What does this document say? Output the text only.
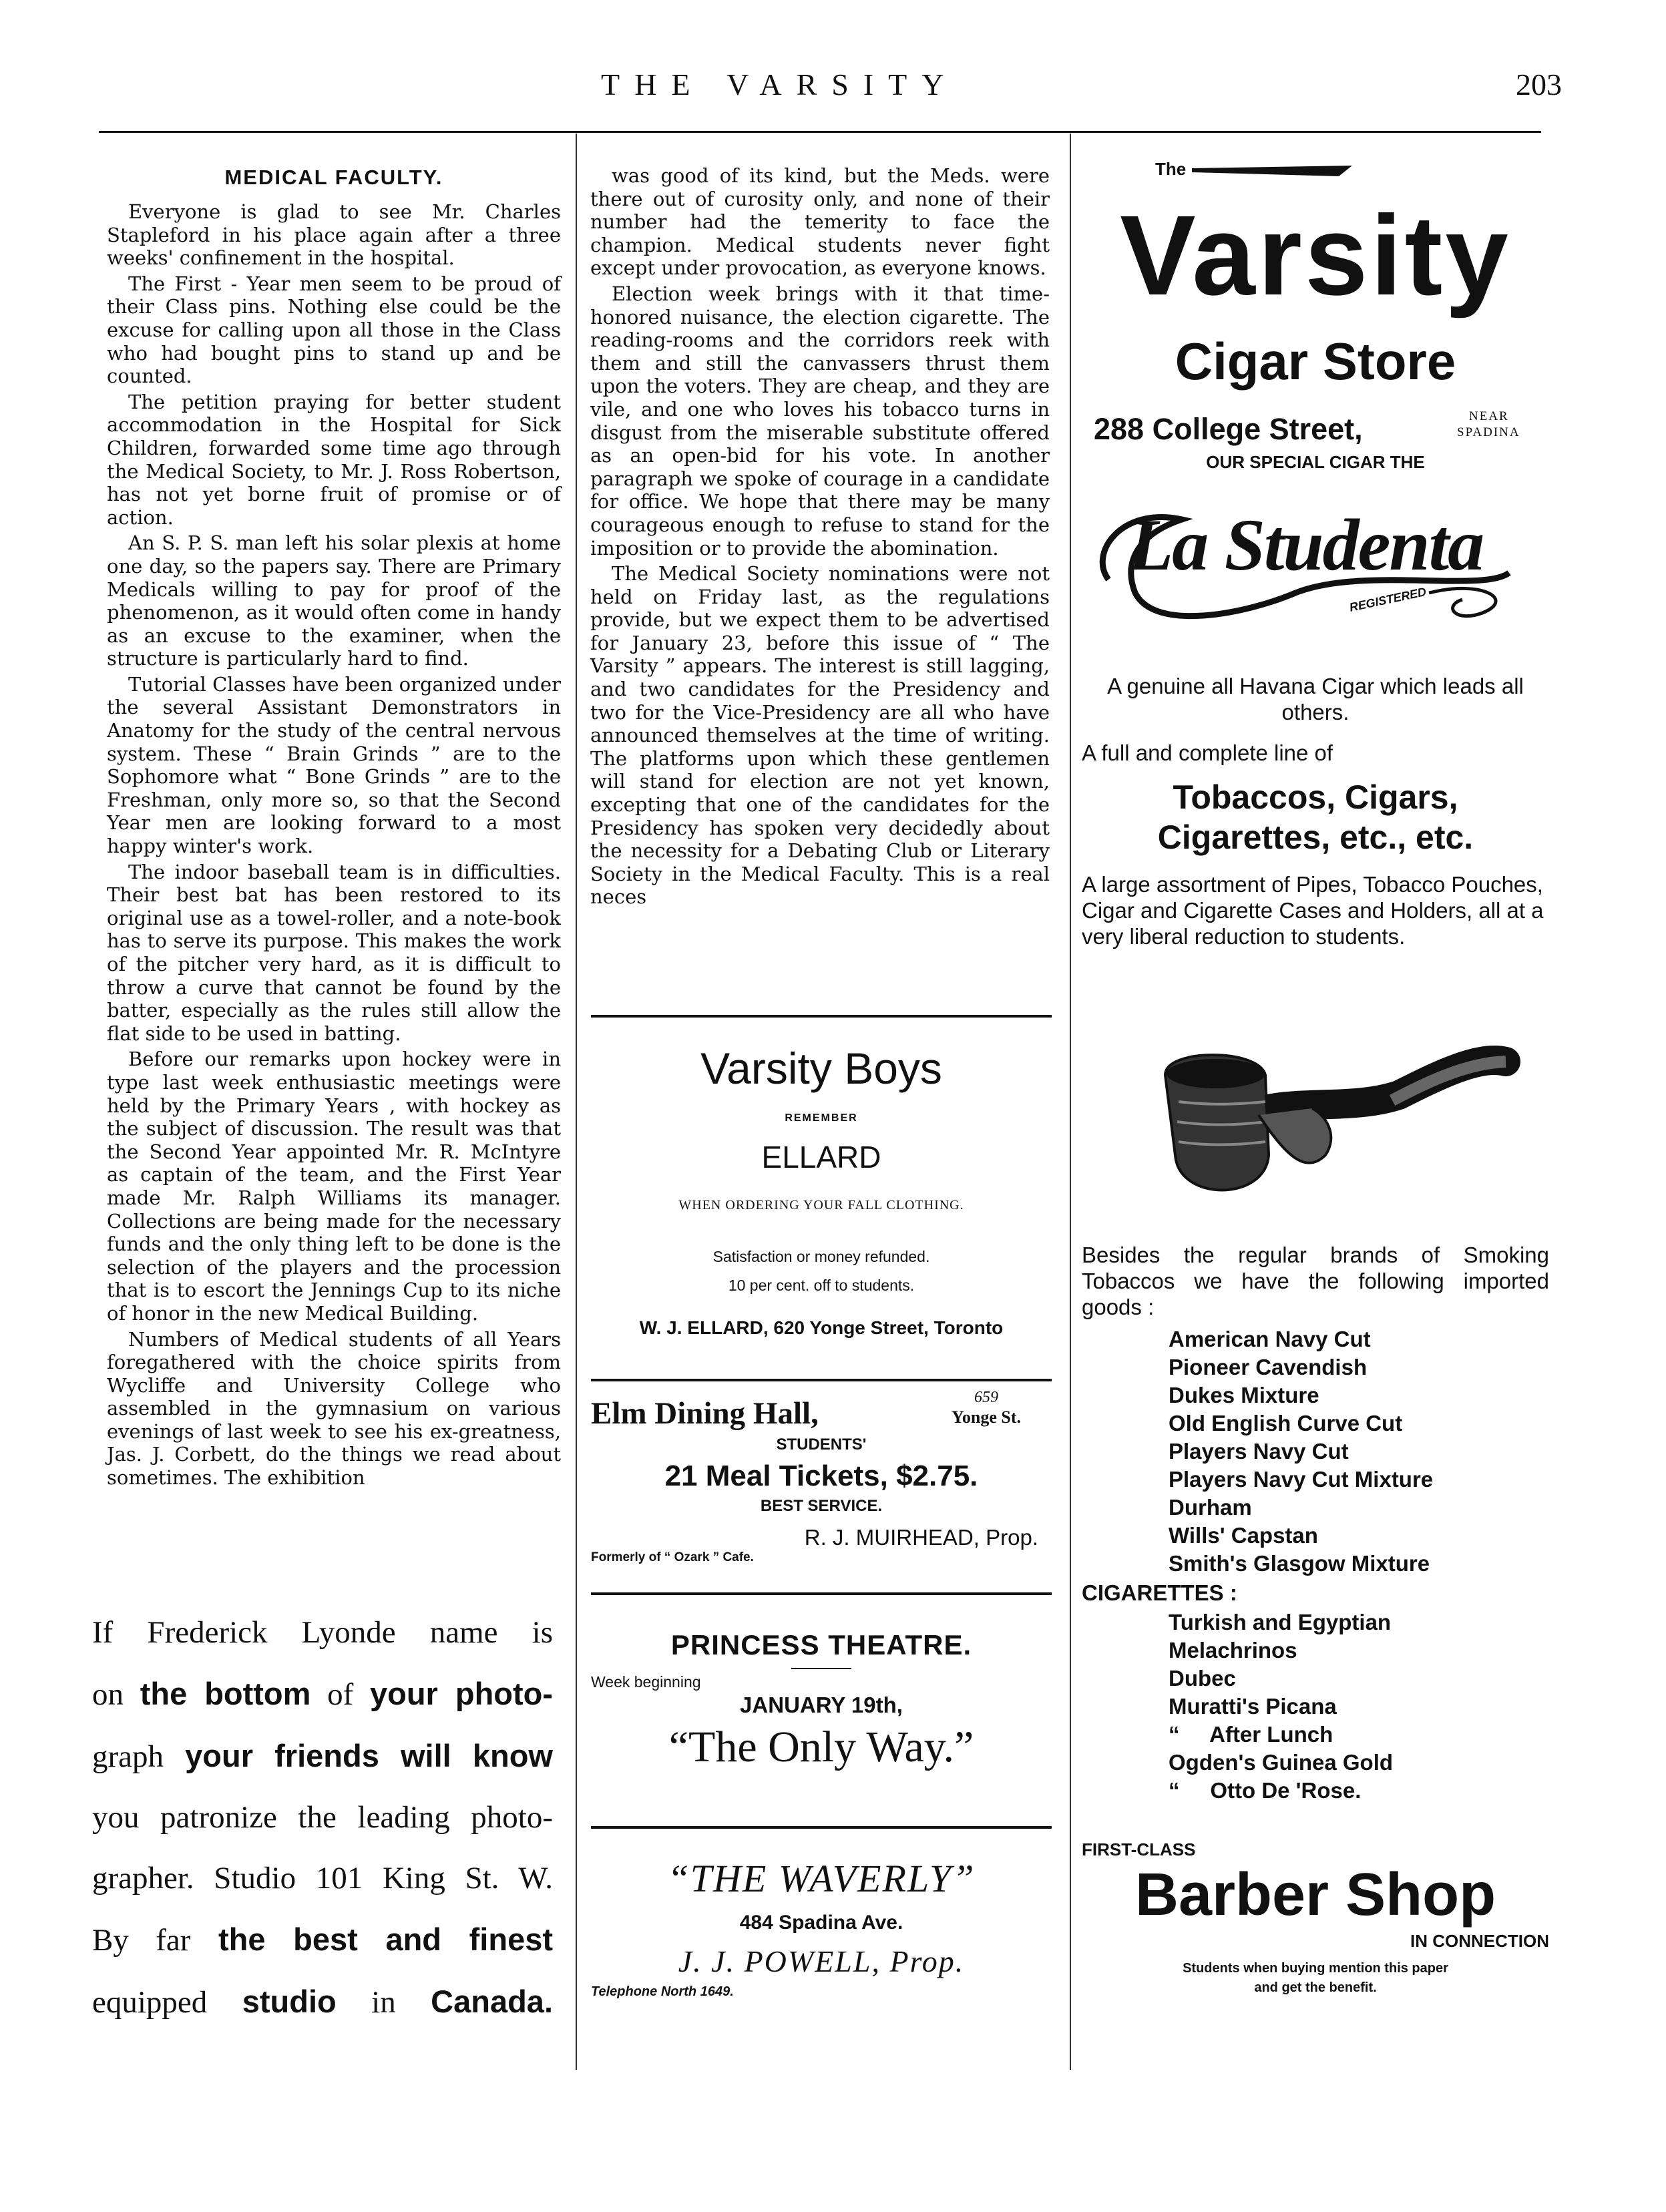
THE VARSITY	203
MEDICAL FACULTY.

Everyone is glad to see Mr. Charles Stapleford in his place again after a three weeks' confinement in the hospital.

The First - Year men seem to be proud of their Class pins. Nothing else could be the excuse for calling upon all those in the Class who had bought pins to stand up and be counted.

The petition praying for better student accommodation in the Hospital for Sick Children, forwarded some time ago through the Medical Society, to Mr. J. Ross Robertson, has not yet borne fruit of promise or of action.

An S. P. S. man left his solar plexis at home one day, so the papers say. There are Primary Medicals willing to pay for proof of the phenomenon, as it would often come in handy as an excuse to the examiner, when the structure is particularly hard to find.

Tutorial Classes have been organized under the several Assistant Demonstrators in Anatomy for the study of the central nervous system. These “ Brain Grinds ” are to the Sophomore what “ Bone Grinds ” are to the Freshman, only more so, so that the Second Year men are looking forward to a most happy winter's work.

The indoor baseball team is in difficulties. Their best bat has been restored to its original use as a towel-roller, and a note-book has to serve its purpose. This makes the work of the pitcher very hard, as it is difficult to throw a curve that cannot be found by the batter, especially as the rules still allow the flat side to be used in batting.

Before our remarks upon hockey were in type last week enthusiastic meetings were held by the Primary Years , with hockey as the subject of discussion. The result was that the Second Year appointed Mr. R. McIntyre as captain of the team, and the First Year made Mr. Ralph Williams its manager. Collections are being made for the necessary funds and the only thing left to be done is the selection of the players and the procession that is to escort the Jennings Cup to its niche of honor in the new Medical Building.

Numbers of Medical students of all Years foregathered with the choice spirits from Wycliffe and University College who assembled in the gymnasium on various evenings of last week to see his ex-greatness, Jas. J. Corbett, do the things we read about sometimes. The exhibition

was good of its kind, but the Meds. were there out of curosity only, and none of their number had the temerity to face the champion. Medical students never fight except under provocation, as everyone knows.

Election week brings with it that time-honored nuisance, the election cigarette. The reading-rooms and the corridors reek with them and still the canvassers thrust them upon the voters. They are cheap, and they are vile, and one who loves his tobacco turns in disgust from the miserable substitute offered as an open-bid for his vote. In another paragraph we spoke of courage in a candidate for office. We hope that there may be many courageous enough to refuse to stand for the imposition or to provide the abomination.

The Medical Society nominations were not held on Friday last, as the regulations provide, but we expect them to be advertised for January 23, before this issue of “ The Varsity ” appears. The interest is still lagging, and two candidates for the Presidency and two for the Vice-Presidency are all who have announced themselves at the time of writing. The platforms upon which these gentlemen will stand for election are not yet known, excepting that one of the candidates for the Presidency has spoken very decidedly about the necessity for a Debating Club or Literary Society in the Medical Faculty. This is a real neces

If Frederick Lyonde name is
on the bottom of your photo-
graph your friends will know
you patronize the leading photo-
grapher. Studio 101 King St. W.
By far the best and finest
equipped studio in Canada.
Varsity Boys
REMEMBER
ELLARD
WHEN ORDERING YOUR FALL CLOTHING.
Satisfaction or money refunded.
10 per cent. off to students.
W. J. ELLARD, 620 Yonge Street, Toronto
Elm Dining Hall,	659
Yonge St.
STUDENTS'
21 Meal Tickets, $2.75.
BEST SERVICE.
R. J. MUIRHEAD, Prop.
Formerly of “ Ozark ” Cafe.
PRINCESS THEATRE.
Week beginning
JANUARY 19th,
“The Only Way.”
“THE WAVERLY”
484 Spadina Ave.
J. J. POWELL, Prop.
Telephone North 1649.
The
Varsity
Cigar Store
288 College Street,	NEAR
SPADINA
OUR SPECIAL CIGAR THE
La Studenta
REGISTERED
A genuine all Havana Cigar which leads all others.
A full and complete line of
Tobaccos, Cigars,
Cigarettes, etc., etc.
A large assortment of Pipes, Tobacco Pouches, Cigar and Cigarette Cases and Holders, all at a very liberal reduction to students.
Besides the regular brands of Smoking Tobaccos we have the following imported goods :
American Navy Cut
Pioneer Cavendish
Dukes Mixture
Old English Curve Cut
Players Navy Cut
Players Navy Cut Mixture
Durham
Wills' Capstan
Smith's Glasgow Mixture
CIGARETTES :
Turkish and Egyptian
Melachrinos
Dubec
Muratti's Picana
“     After Lunch
Ogden's Guinea Gold
“     Otto De 'Rose.
FIRST-CLASS
Barber Shop
IN CONNECTION
Students when buying mention this paper
and get the benefit.
